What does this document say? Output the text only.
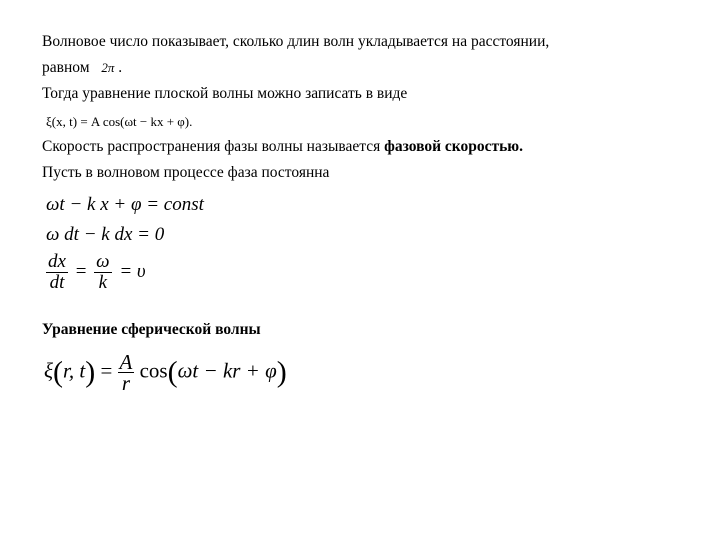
Волновое число показывает, сколько длин волн укладывается на расстоянии,
равном 2π .
Тогда уравнение плоской волны можно записать в виде
ξ(x, t) = A cos(ωt − kx + φ).
Скорость распространения фазы волны называется фазовой скоростью.
Пусть в волновом процессе фаза постоянна
ωt − k x + φ = const
ω dt − k dx = 0
$\frac{dx}{dt} = \frac{\omega}{k} = \upsilon$
Уравнение сферической волны
ξ(r, $t) = \frac{A}{r} \cos(\omega t$ − kr + φ)
